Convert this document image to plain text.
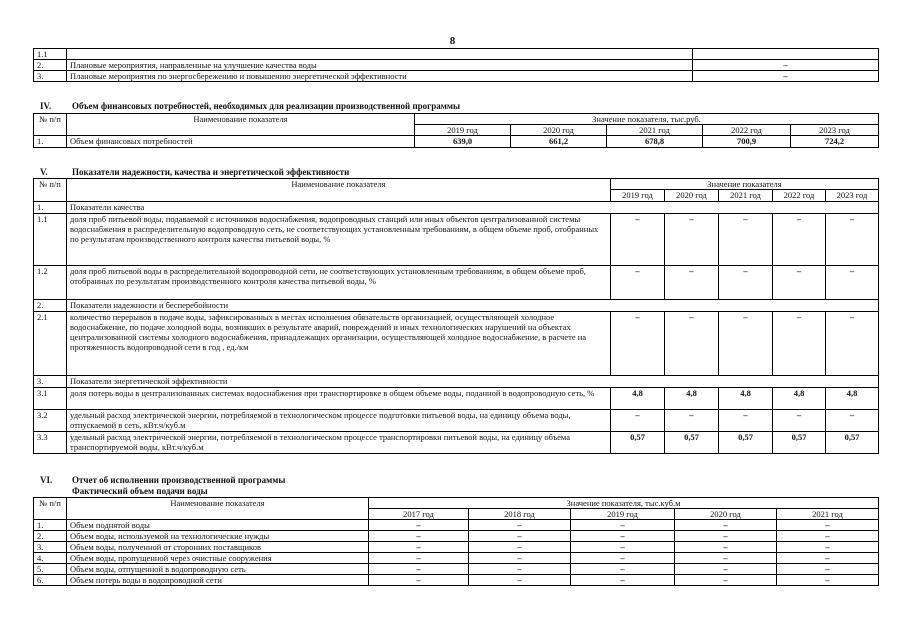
8
1.1		
2.	Плановые мероприятия, направленные на улучшение качества воды	–
3.	Плановые мероприятия по энергосбережению и повышению энергетической эффективности	–
IV. Объем финансовых потребностей, необходимых для реализации производственной программы
№ п/п	Наименование показателя	Значение показателя, тыс.руб.				
		2019 год	2020 год	2021 год	2022 год	2023 год
1.	Объем финансовых потребностей	639,0	661,2	678,8	700,9	724,2
V.	Показатели надежности, качества и энергетической эффективности
№ п/п	Наименование показателя	Значение показателя				
		2019 год	2020 год	2021 год	2022 год	2023 год
1.	Показатели качества					
1.1	доля проб питьевой воды, подаваемой с источников водоснабжения, водопроводных станций или иных объектов централизованной системы водоснабжения в распределительную водопроводную сеть, не соответствующих установленным требованиям, в общем объеме проб, отобранных по результатам производственного контроля качества питьевой воды, %	–	–	–	–	–
1.2	доля проб питьевой воды в распределительной водопроводной сети, не соответствующих установленным требованиям, в общем объеме проб, отобранных по результатам производственного контроля качества питьевой воды, %	–	–	–	–	–
2.	Показатели надежности и бесперебойности					
2.1	количество перерывов в подаче воды, зафиксированных в местах исполнения обязательств организацией, осуществляющей холодное водоснабжение, по подаче холодной воды, возникших в результате аварий, повреждений и иных технологических нарушений на объектах централизованной системы холодного водоснабжения, принадлежащих организации, осуществляющей холодное водоснабжение, в расчете на протяженность водопроводной сети в год , ед./км	–	–	–	–	–
3.	Показатели энергетической эффективности					
3.1	доля потерь воды в централизованных системах водоснабжения при транспортировке в общем объеме воды, поданной в водопроводную сеть, %	4,8	4,8	4,8	4,8	4,8
3.2	удельный расход электрической энергии, потребляемой в технологическом процессе подготовки питьевой воды, на единицу объема воды, отпускаемой в сеть, кВт.ч/куб.м	–	–	–	–	–
3.3	удельный расход электрической энергии, потребляемой в технологическом процессе транспортировки питьевой воды, на единицу объема транспортируемой воды, кВт.ч/куб.м	0,57	0,57	0,57	0,57	0,57
VI. Отчет об исполнении производственной программы
Фактический объем подачи воды
№ п/п	Наименование показателя	Значение показателя, тыс.куб.м				
		2017 год	2018 год	2019 год	2020 год	2021 год
1.	Объем поднятой воды	–	–	–	–	–
2.	Объем воды, используемой на технологические нужды	–	–	–	–	–
3.	Объем воды, полученной от сторонних поставщиков	–	–	–	–	–
4.	Объем воды, пропущенной через очистные сооружения	–	–	–	–	–
5.	Объем воды, отпущенной в водопроводную сеть	–	–	–	–	–
6.	Объем потерь воды в водопроводной сети	–	–	–	–	–
